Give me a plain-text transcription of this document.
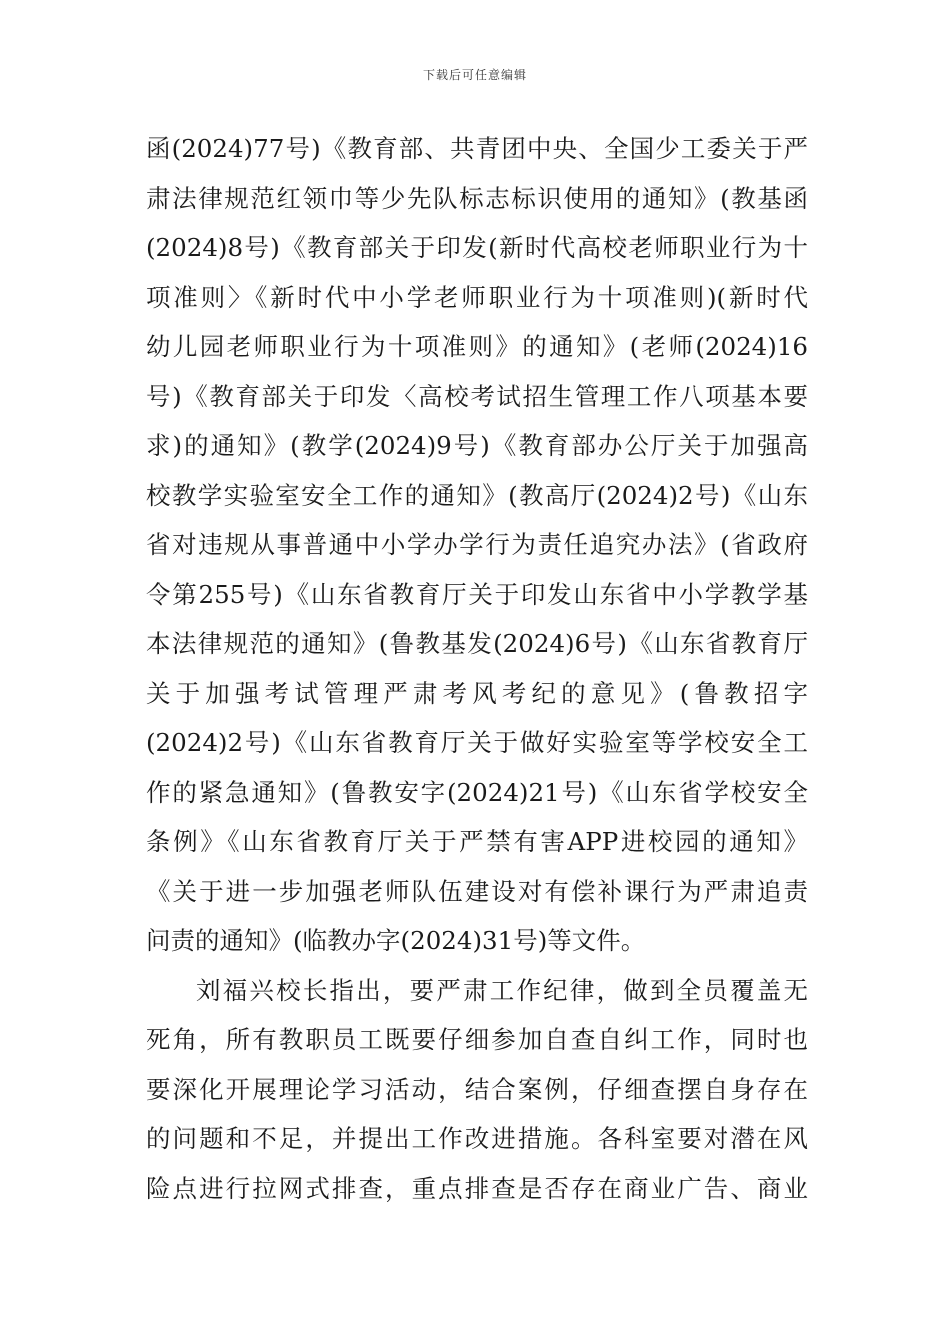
下载后可任意编辑
函(2024)77号)《教育部、共青团中央、全国少工委关于严
肃法律规范红领巾等少先队标志标识使用的通知》(教基函
(2024)8号)《教育部关于印发(新时代高校老师职业行为十
项准则〉《新时代中小学老师职业行为十项准则)(新时代
幼儿园老师职业行为十项准则》的通知》(老师(2024)16
号)《教育部关于印发〈高校考试招生管理工作八项基本要
求)的通知》(教学(2024)9号)《教育部办公厅关于加强高
校教学实验室安全工作的通知》(教高厅(2024)2号)《山东
省对违规从事普通中小学办学行为责任追究办法》(省政府
令第255号)《山东省教育厅关于印发山东省中小学教学基
本法律规范的通知》(鲁教基发(2024)6号)《山东省教育厅
关于加强考试管理严肃考风考纪的意见》(鲁教招字
(2024)2号)《山东省教育厅关于做好实验室等学校安全工
作的紧急通知》(鲁教安字(2024)21号)《山东省学校安全
条例》《山东省教育厅关于严禁有害APP进校园的通知》
《关于进一步加强老师队伍建设对有偿补课行为严肃追责
问责的通知》(临教办字(2024)31号)等文件。
刘福兴校长指出，要严肃工作纪律，做到全员覆盖无
死角，所有教职员工既要仔细参加自查自纠工作，同时也
要深化开展理论学习活动，结合案例，仔细查摆自身存在
的问题和不足，并提出工作改进措施。各科室要对潜在风
险点进行拉网式排查，重点排查是否存在商业广告、商业
